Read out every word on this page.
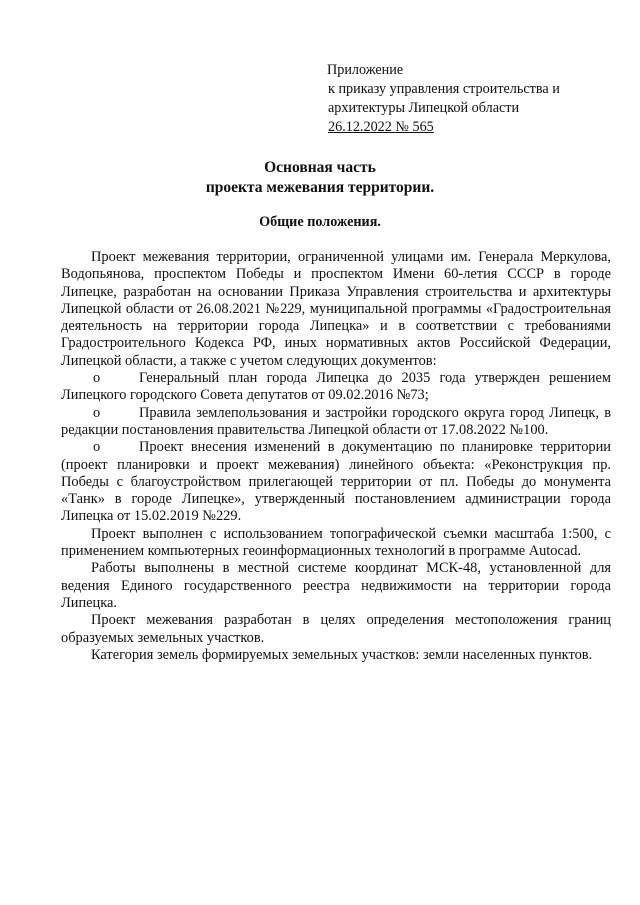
Приложение
к приказу управления строительства и
архитектуры Липецкой области
26.12.2022 № 565
Основная часть
проекта межевания территории.
Общие положения.

Проект межевания территории, ограниченной улицами им. Генерала Меркулова, Водопьянова, проспектом Победы и проспектом Имени 60-летия СССР в городе Липецке, разработан на основании Приказа Управления строительства и архитектуры Липецкой области от 26.08.2021 №229, муниципальной программы «Градостроительная деятельность на территории города Липецка» и в соответствии с требованиями Градостроительного Кодекса РФ, иных нормативных актов Российской Федерации, Липецкой области, а также с учетом следующих документов:

o	Генеральный план города Липецка до 2035 года утвержден решением Липецкого городского Совета депутатов от 09.02.2016 №73;

o	Правила землепользования и застройки городского округа город Липецк, в редакции постановления правительства Липецкой области от 17.08.2022 №100.

o	Проект внесения изменений в документацию по планировке территории (проект планировки и проект межевания) линейного объекта: «Реконструкция пр. Победы с благоустройством прилегающей территории от пл. Победы до монумента «Танк» в городе Липецке», утвержденный постановлением администрации города Липецка от 15.02.2019 №229.

Проект выполнен с использованием топографической съемки масштаба 1:500, с применением компьютерных геоинформационных технологий в программе Autocad.

Работы выполнены в местной системе координат МСК-48, установленной для ведения Единого государственного реестра недвижимости на территории города Липецка.

Проект межевания разработан в целях определения местоположения границ образуемых земельных участков.

Категория земель формируемых земельных участков: земли населенных пунктов.
